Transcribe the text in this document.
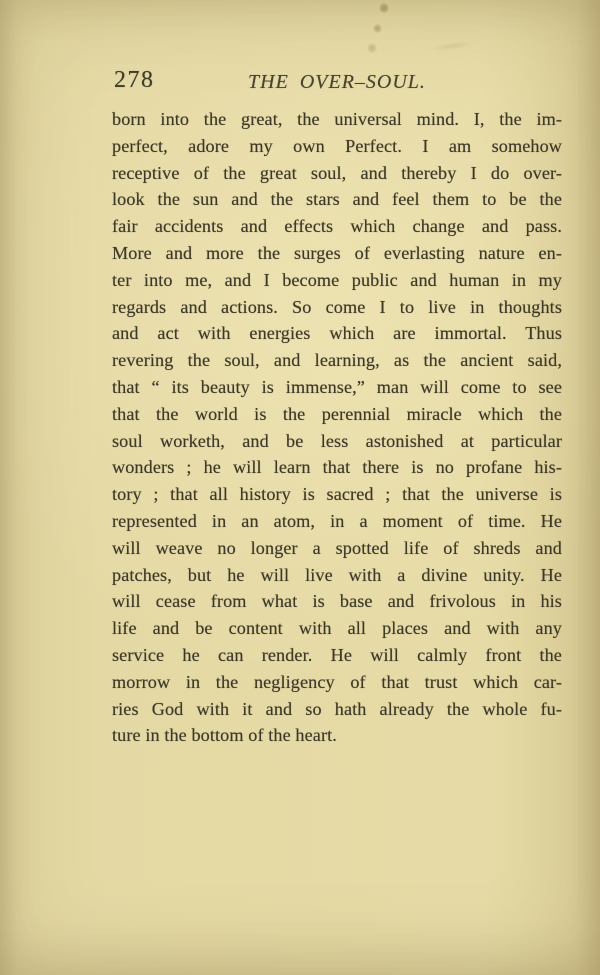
278	THE OVER–SOUL.
born into the great, the universal mind. I, the im-
perfect, adore my own Perfect. I am somehow
receptive of the great soul, and thereby I do over-
look the sun and the stars and feel them to be the
fair accidents and effects which change and pass.
More and more the surges of everlasting nature en-
ter into me, and I become public and human in my
regards and actions. So come I to live in thoughts
and act with energies which are immortal. Thus
revering the soul, and learning, as the ancient said,
that “ its beauty is immense,” man will come to see
that the world is the perennial miracle which the
soul worketh, and be less astonished at particular
wonders ; he will learn that there is no profane his-
tory ; that all history is sacred ; that the universe is
represented in an atom, in a moment of time. He
will weave no longer a spotted life of shreds and
patches, but he will live with a divine unity. He
will cease from what is base and frivolous in his
life and be content with all places and with any
service he can render. He will calmly front the
morrow in the negligency of that trust which car-
ries God with it and so hath already the whole fu-
ture in the bottom of the heart.
